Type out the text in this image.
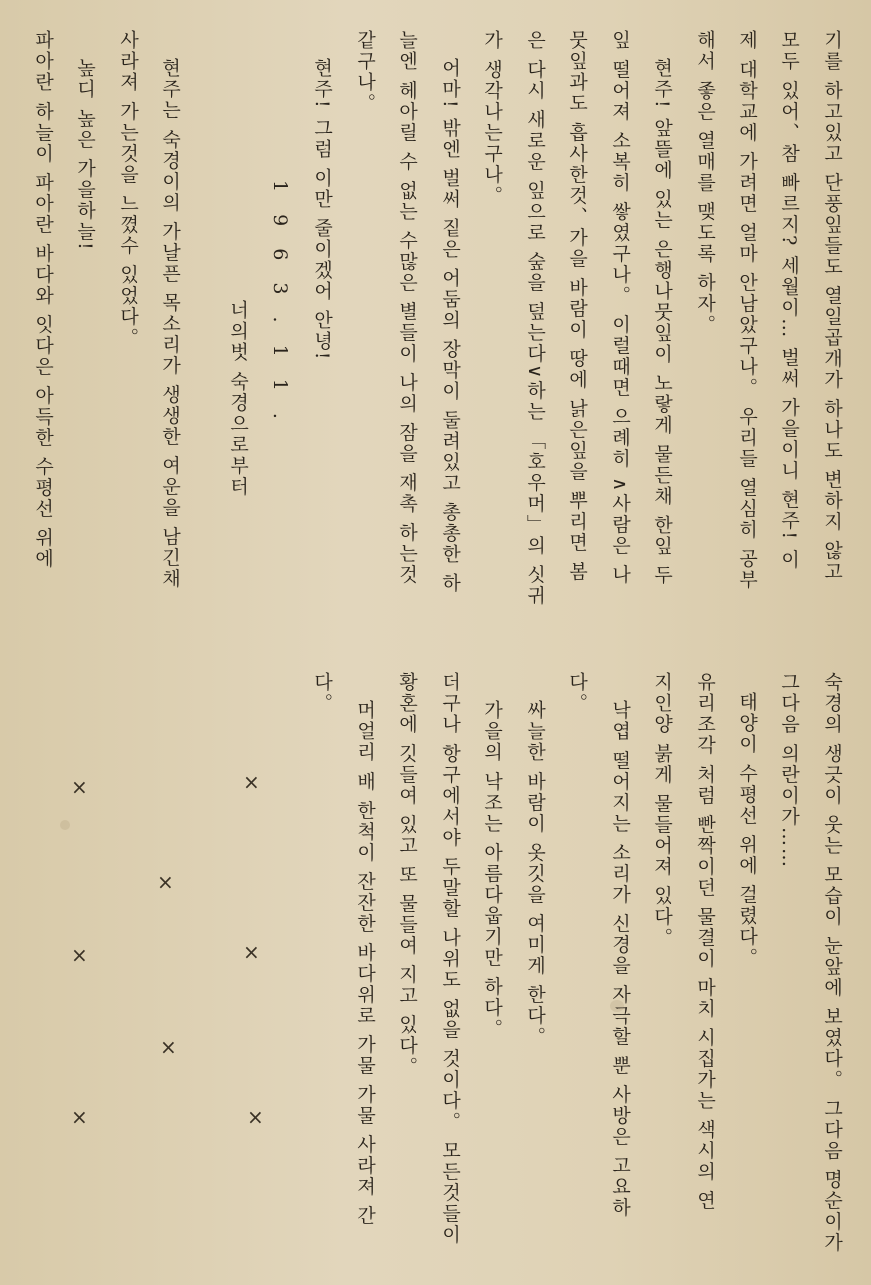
기를 하고있고 단풍잎들도 열일곱개가 하나도 변하지 않고
모두 있어、참 빠르지? 세월이… 벌써 가을이니 현주! 이
제 대학교에 가려면 얼마 안남았구나。 우리들 열심히 공부
해서 좋은 열매를 맺도록 하자。
현주! 앞뜰에 있는 은행나뭇잎이 노랗게 물든채 한잎 두
잎 떨어져 소복히 쌓였구나。 이럴때면 으례히 ∧사람은 나
뭇잎과도 흡사한것、가을 바람이 땅에 낡은잎을 뿌리면 봄
은 다시 새로운 잎으로 숲을 덮는다∨하는 「호우머」의 싯귀
가 생각나는구나。
어마! 밖엔 벌써 짙은 어둠의 장막이 둘려있고 총총한 하
늘엔 헤아릴 수 없는 수많은 별들이 나의 잠을 재촉 하는것
같구나。
현주! 그럼 이만 줄이겠어 안녕!
1 9 6 3 . 1 1 .
너의벗 숙경으로부터
현주는 숙경이의 가날픈 목소리가 생생한 여운을 남긴채
사라져 가는것을 느꼈수 있었다。
높디 높은 가을하늘!
파아란 하늘이 파아란 바다와 잇다은 아득한 수평선 위에
숙경의 생긋이 웃는 모습이 눈앞에 보였다。 그다음 명순이가
그다음 의란이가……
태양이 수평선 위에 걸렸다。
유리조각 처럼 빤짝이던 물결이 마치 시집가는 색시의 연
지인양 붉게 물들어져 있다。
낙엽 떨어지는 소리가 신경을 자극할 뿐 사방은 고요하
다。
싸늘한 바람이 옷깃을 여미게 한다。
가을의 낙조는 아름다웁기만 하다。
더구나 항구에서야 두말할 나위도 없을 것이다。 모든것들이
황혼에 깃들여 있고 또 물들여 지고 있다。
머얼리 배 한척이 잔잔한 바다위로 가물 가물 사라져 간
다。
×
×
×
×
×
×
×
×
